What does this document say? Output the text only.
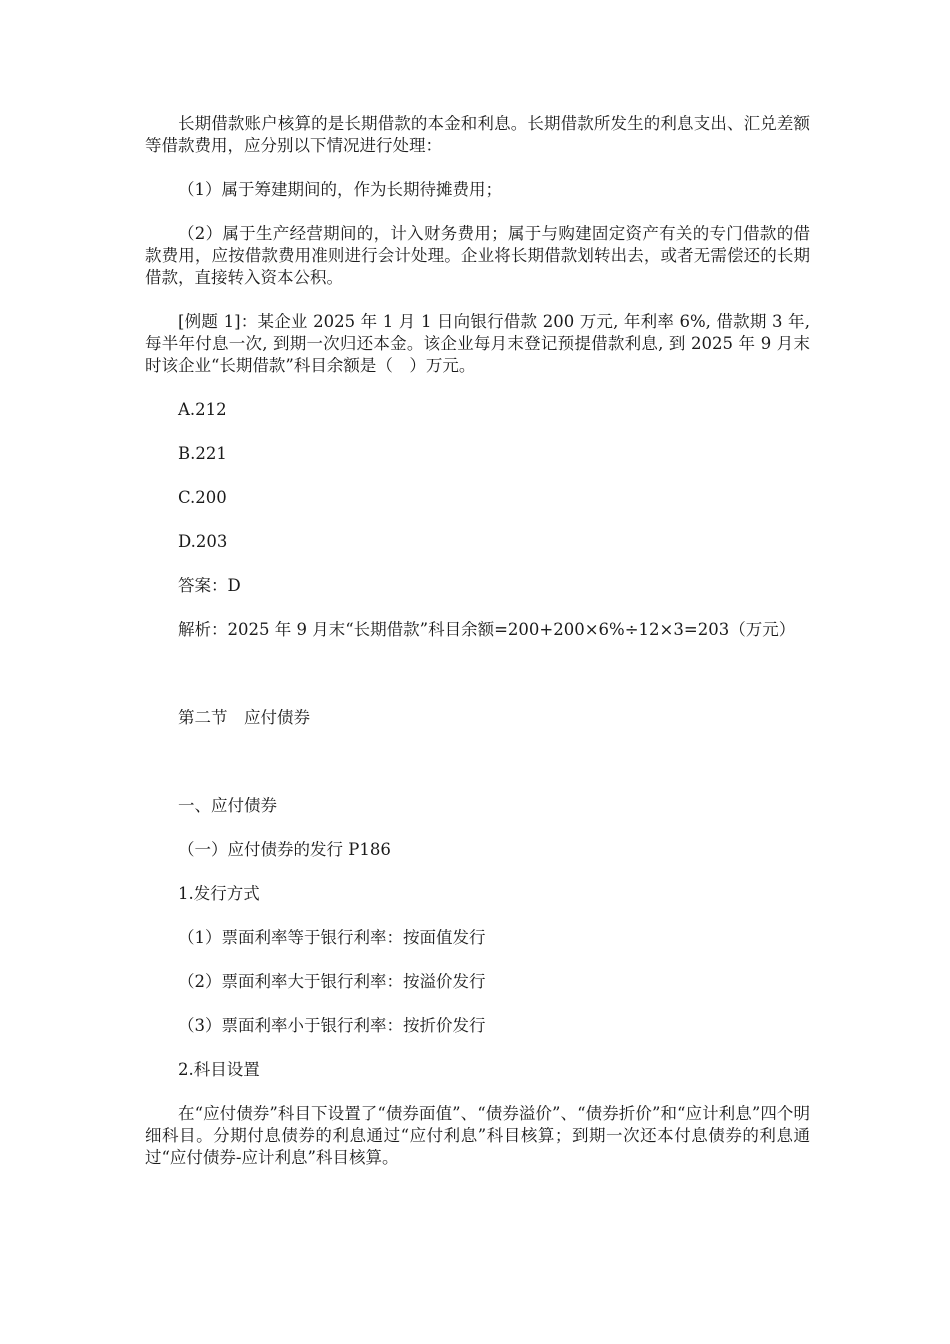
长期借款账户核算的是长期借款的本金和利息。长期借款所发生的利息支出、汇兑差额等借款费用，应分别以下情况进行处理：

（1）属于筹建期间的，作为长期待摊费用；

（2）属于生产经营期间的，计入财务费用；属于与购建固定资产有关的专门借款的借款费用，应按借款费用准则进行会计处理。企业将长期借款划转出去，或者无需偿还的长期借款，直接转入资本公积。

[例题 1]：某企业 2025 年 1 月 1 日向银行借款 200 万元, 年利率 6%, 借款期 3 年, 每半年付息一次, 到期一次归还本金。该企业每月末登记预提借款利息, 到 2025 年 9 月末时该企业“长期借款”科目余额是（　）万元。

A.212

B.221

C.200

D.203

答案：D

解析：2025 年 9 月末“长期借款”科目余额=200+200×6%÷12×3=203（万元）

第二节　应付债券

一、应付债券

（一）应付债券的发行 P186

1.发行方式

（1）票面利率等于银行利率：按面值发行

（2）票面利率大于银行利率：按溢价发行

（3）票面利率小于银行利率：按折价发行

2.科目设置

在“应付债券”科目下设置了“债券面值”、“债券溢价”、“债券折价”和“应计利息”四个明细科目。分期付息债券的利息通过“应付利息”科目核算；到期一次还本付息债券的利息通过“应付债券-应计利息”科目核算。
